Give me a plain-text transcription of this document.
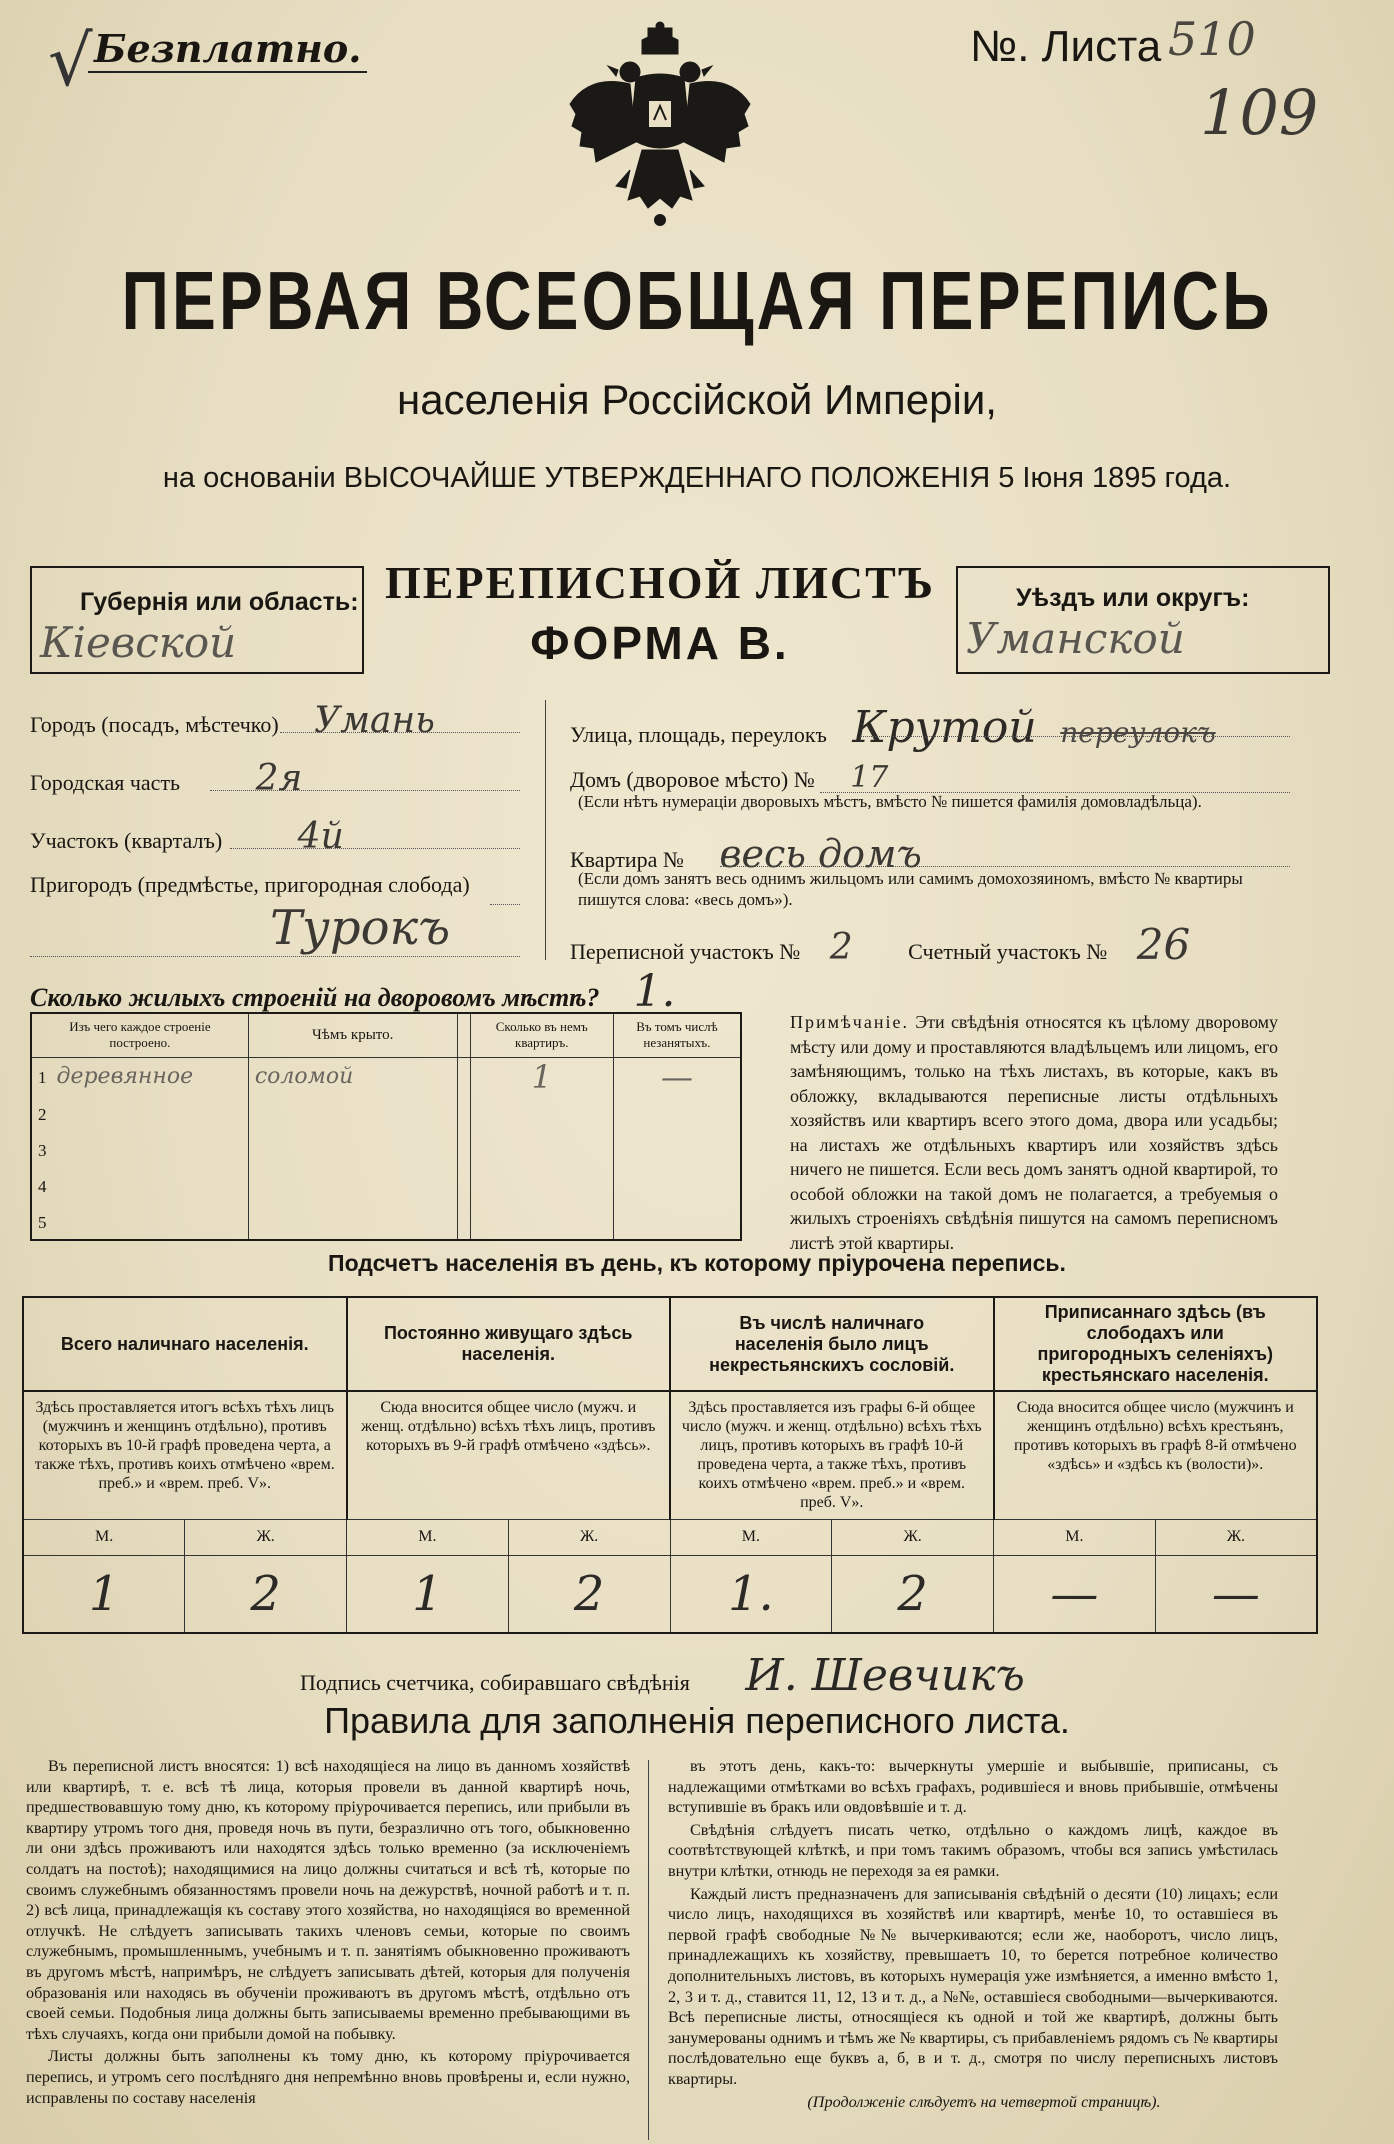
Безплатно.
√	№. Листа 510
109
ПЕРВАЯ ВСЕОБЩАЯ ПЕРЕПИСЬ
населенія Россійской Имперіи,
на основаніи ВЫСОЧАЙШЕ УТВЕРЖДЕННАГО ПОЛОЖЕНІЯ 5 Іюня 1895 года.
Губернія или область:
Кіевской
ПЕРЕПИСНОЙ ЛИСТЪ
ФОРМА В.
Уѣздъ или округъ:
Уманской
Городъ (посадъ, мѣстечко) Умань
Городская часть 2я
Участокъ (кварталъ) 4й
Пригородъ (предмѣстье, пригородная слобода)
Турокъ
Улица, площадь, переулокъ Крутой переулокъ
Домъ (дворовое мѣсто) № 17
(Если нѣтъ нумераціи дворовыхъ мѣстъ, вмѣсто № пишется фамилія домовладѣльца).
Квартира № весь домъ
(Если домъ занятъ весь однимъ жильцомъ или самимъ домохозяиномъ, вмѣсто № квартиры пишутся слова: «весь домъ»).
Переписной участокъ № 2	Счетный участокъ № 26
Сколько жилыхъ строеній на дворовомъ мѣстѣ? 1.
Изъ чего каждое строеніе построено.	Чѣмъ крыто.		Сколько въ немъ квартиръ.	Въ томъ числѣ незанятыхъ.
1 деревянное	соломой		1	—
2				
3				
4				
5				
Примѣчаніе. Эти свѣдѣнія относятся къ цѣлому дворовому мѣсту или дому и проставляются владѣльцемъ или лицомъ, его замѣняющимъ, только на тѣхъ листахъ, въ которые, какъ въ обложку, вкладываются переписные листы отдѣльныхъ хозяйствъ или квартиръ всего этого дома, двора или усадьбы; на листахъ же отдѣльныхъ квартиръ или хозяйствъ здѣсь ничего не пишется. Если весь домъ занятъ одной квартирой, то особой обложки на такой домъ не полагается, а требуемыя о жилыхъ строеніяхъ свѣдѣнія пишутся на самомъ переписномъ листѣ этой квартиры.
Подсчетъ населенія въ день, къ которому пріурочена перепись.
Всего наличнаго населенія.		Постоянно живущаго здѣсь населенія.		Въ числѣ наличнаго населенія было лицъ некрестьянскихъ сословій.		Приписаннаго здѣсь (въ слободахъ или пригородныхъ селеніяхъ) крестьянскаго населенія.	
Здѣсь проставляется итогъ всѣхъ тѣхъ лицъ (мужчинъ и женщинъ отдѣльно), противъ которыхъ въ 10-й графѣ проведена черта, а также тѣхъ, противъ коихъ отмѣчено «врем. преб.» и «врем. преб. V».		Сюда вносится общее число (мужч. и женщ. отдѣльно) всѣхъ тѣхъ лицъ, противъ которыхъ въ 9-й графѣ отмѣчено «здѣсь».		Здѣсь проставляется изъ графы 6-й общее число (мужч. и женщ. отдѣльно) всѣхъ тѣхъ лицъ, противъ которыхъ въ графѣ 10-й проведена черта, а также тѣхъ, противъ коихъ отмѣчено «врем. преб.» и «врем. преб. V».		Сюда вносится общее число (мужчинъ и женщинъ отдѣльно) всѣхъ крестьянъ, противъ которыхъ въ графѣ 8-й отмѣчено «здѣсь» и «здѣсь къ (волости)».	
М.	Ж.	М.	Ж.	М.	Ж.	М.	Ж.
1	2	1	2	1.	2	—	—
Подпись счетчика, собиравшаго свѣдѣнія И. Шевчикъ
Правила для заполненія переписного листа.

Въ переписной листъ вносятся: 1) всѣ находящіеся на лицо въ данномъ хозяйствѣ или квартирѣ, т. е. всѣ тѣ лица, которыя провели въ данной квартирѣ ночь, предшествовавшую тому дню, къ которому пріурочивается перепись, или прибыли въ квартиру утромъ того дня, проведя ночь въ пути, безразлично отъ того, обыкновенно ли они здѣсь проживаютъ или находятся здѣсь только временно (за исключеніемъ солдатъ на постоѣ); находящимися на лицо должны считаться и всѣ тѣ, которые по своимъ служебнымъ обязанностямъ провели ночь на дежурствѣ, ночной работѣ и т. п. 2) всѣ лица, принадлежащія къ составу этого хозяйства, но находящіяся во временной отлучкѣ. Не слѣдуетъ записывать такихъ членовъ семьи, которые по своимъ служебнымъ, промышленнымъ, учебнымъ и т. п. занятіямъ обыкновенно проживаютъ въ другомъ мѣстѣ, напримѣръ, не слѣдуетъ записывать дѣтей, которыя для полученія образованія или находясь въ обученіи проживаютъ въ другомъ мѣстѣ, отдѣльно отъ своей семьи. Подобныя лица должны быть записываемы временно пребывающими въ тѣхъ случаяхъ, когда они прибыли домой на побывку.

Листы должны быть заполнены къ тому дню, къ которому пріурочивается перепись, и утромъ сего послѣдняго дня непремѣнно вновь провѣрены и, если нужно, исправлены по составу населенія

въ этотъ день, какъ-то: вычеркнуты умершіе и выбывшіе, приписаны, съ надлежащими отмѣтками во всѣхъ графахъ, родившіеся и вновь прибывшіе, отмѣчены вступившіе въ бракъ или овдовѣвшіе и т. д.

Свѣдѣнія слѣдуетъ писать четко, отдѣльно о каждомъ лицѣ, каждое въ соотвѣтствующей клѣткѣ, и при томъ такимъ образомъ, чтобы вся запись умѣстилась внутри клѣтки, отнюдь не переходя за ея рамки.

Каждый листъ предназначенъ для записыванія свѣдѣній о десяти (10) лицахъ; если число лицъ, находящихся въ хозяйствѣ или квартирѣ, менѣе 10, то оставшіеся въ первой графѣ свободные №№ вычеркиваются; если же, наоборотъ, число лицъ, принадлежащихъ къ хозяйству, превышаетъ 10, то берется потребное количество дополнительныхъ листовъ, въ которыхъ нумерація уже измѣняется, а именно вмѣсто 1, 2, 3 и т. д., ставится 11, 12, 13 и т. д., а №№, оставшіеся свободными—вычеркиваются. Всѣ переписные листы, относящіеся къ одной и той же квартирѣ, должны быть занумерованы однимъ и тѣмъ же № квартиры, съ прибавленіемъ рядомъ съ № квартиры послѣдовательно еще буквъ а, б, в и т. д., смотря по числу переписныхъ листовъ квартиры.

(Продолженіе слѣдуетъ на четвертой страницѣ).
